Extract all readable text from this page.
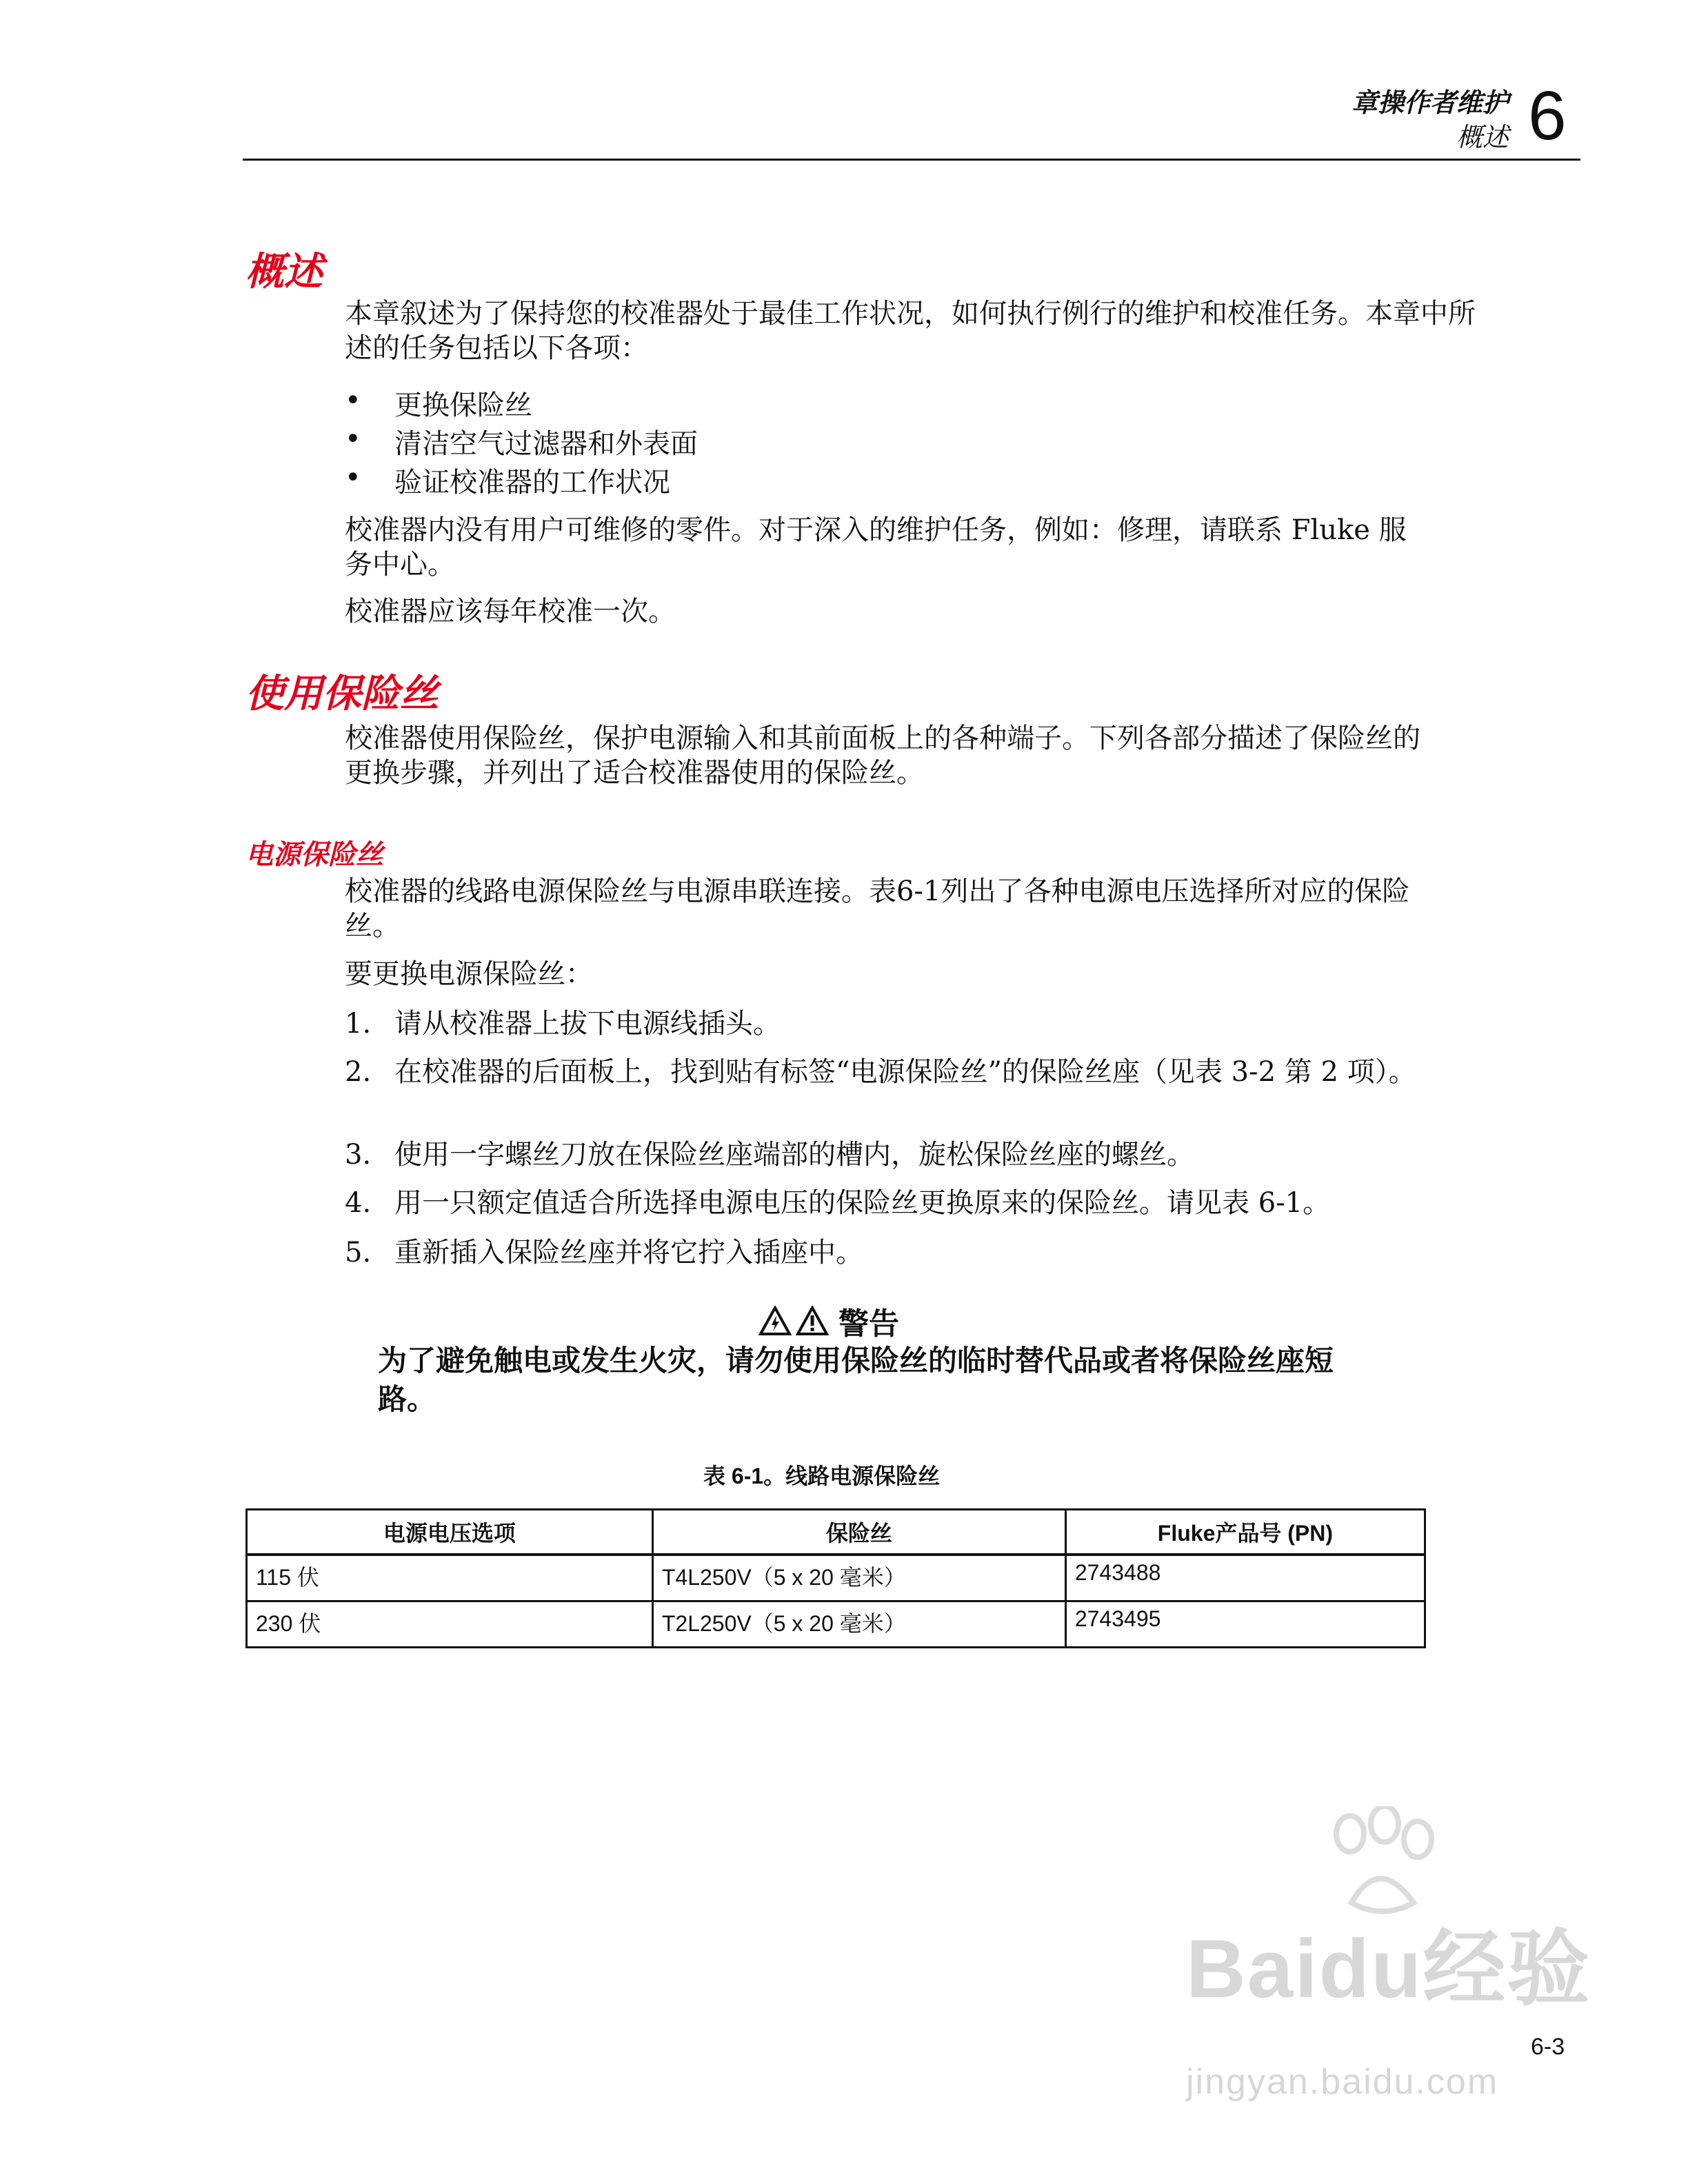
章操作者维护
概述 6
概述

本章叙述为了保持您的校准器处于最佳工作状况，如何执行例行的维护和校准任务。本章中所述的任务包括以下各项：

• 更换保险丝
• 清洁空气过滤器和外表面
• 验证校准器的工作状况

校准器内没有用户可维修的零件。对于深入的维护任务，例如：修理，请联系 Fluke 服务中心。

校准器应该每年校准一次。

使用保险丝

校准器使用保险丝，保护电源输入和其前面板上的各种端子。下列各部分描述了保险丝的更换步骤，并列出了适合校准器使用的保险丝。

电源保险丝

校准器的线路电源保险丝与电源串联连接。表6-1列出了各种电源电压选择所对应的保险丝。

要更换电源保险丝：

1. 请从校准器上拔下电源线插头。
2. 在校准器的后面板上，找到贴有标签“电源保险丝”的保险丝座（见表 3-2 第 2 项）。
3. 使用一字螺丝刀放在保险丝座端部的槽内，旋松保险丝座的螺丝。
4. 用一只额定值适合所选择电源电压的保险丝更换原来的保险丝。请见表 6-1。
5. 重新插入保险丝座并将它拧入插座中。
警告
为了避免触电或发生火灾，请勿使用保险丝的临时替代品或者将保险丝座短路。
表 6-1。线路电源保险丝
电源电压选项	保险丝	Fluke产品号 (PN)
115 伏	T4L250V（5 x 20 毫米）	2743488
230 伏	T2L250V（5 x 20 毫米）	2743495
Baidu经验
jingyan.baidu.com
6-3
